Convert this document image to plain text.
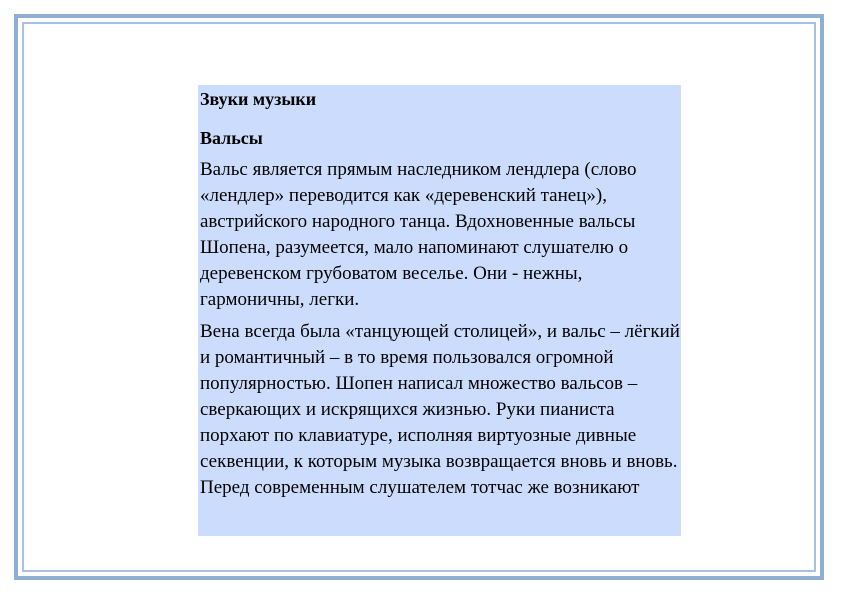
Звуки музыки

Вальсы

Вальс является прямым наследником лендлера (слово «лендлер» переводится как «деревенский танец»), австрийского народного танца. Вдохновенные вальсы Шопена, разумеется, мало напоминают слушателю о деревенском грубоватом веселье. Они - нежны, гармоничны, легки.

Вена всегда была «танцующей столицей», и вальс – лёгкий и романтичный – в то время пользовался огромной популярностью. Шопен написал множество вальсов – сверкающих и искрящихся жизнью. Руки пианиста порхают по клавиатуре, исполняя виртуозные дивные секвенции, к которым музыка возвращается вновь и вновь. Перед современным слушателем тотчас же возникают
